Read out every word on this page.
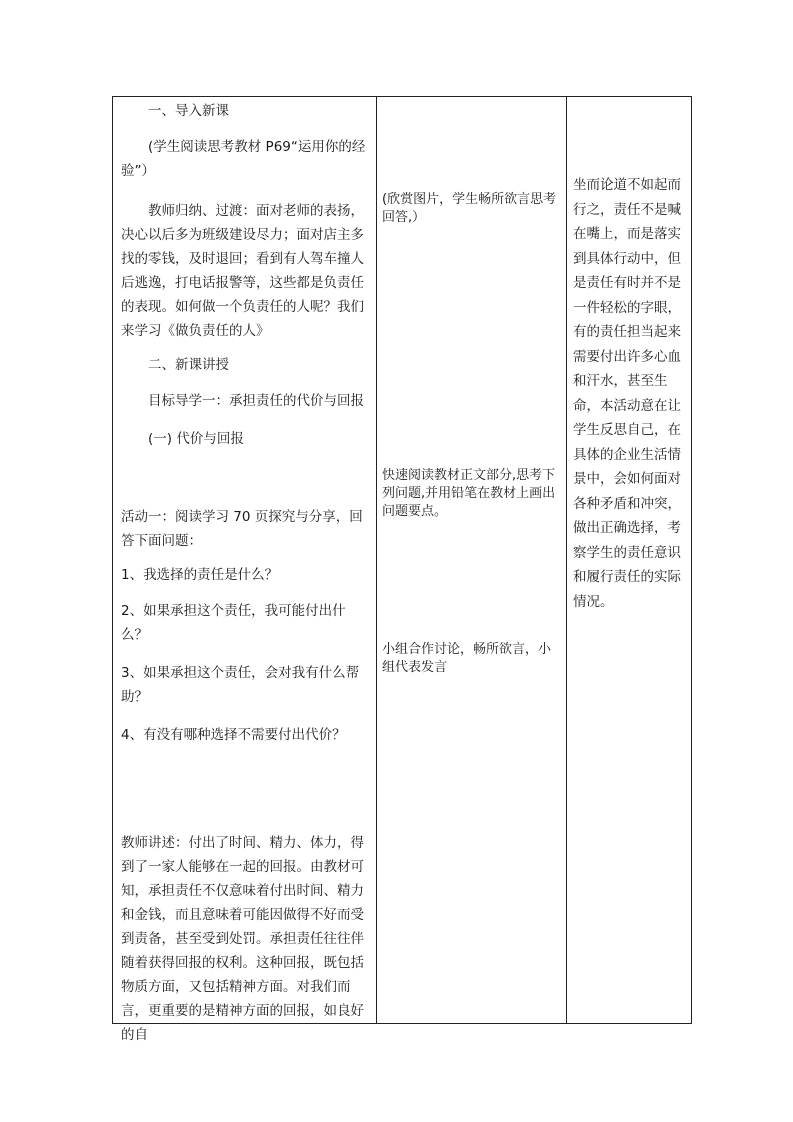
一、导入新课

(学生阅读思考教材 P69“运用你的经验”）

教师归纳、过渡：面对老师的表扬，决心以后多为班级建设尽力；面对店主多找的零钱，及时退回；看到有人驾车撞人后逃逸，打电话报警等，这些都是负责任的表现。如何做一个负责任的人呢？我们来学习《做负责任的人》

二、新课讲授

目标导学一：承担责任的代价与回报

(一) 代价与回报

活动一：阅读学习 70 页探究与分享，回答下面问题：

1、我选择的责任是什么？

2、如果承担这个责任，我可能付出什么？

3、如果承担这个责任，会对我有什么帮助？

4、有没有哪种选择不需要付出代价？

教师讲述：付出了时间、精力、体力，得到了一家人能够在一起的回报。由教材可知，承担责任不仅意味着付出时间、精力和金钱，而且意味着可能因做得不好而受到责备，甚至受到处罚。承担责任往往伴随着获得回报的权利。这种回报，既包括物质方面，又包括精神方面。对我们而言，更重要的是精神方面的回报，如良好的自

(欣赏图片，学生畅所欲言思考回答,）

快速阅读教材正文部分,思考下列问题,并用铅笔在教材上画出问题要点。

小组合作讨论，畅所欲言，小组代表发言

坐而论道不如起而行之，责任不是喊在嘴上，而是落实到具体行动中，但是责任有时并不是一件轻松的字眼，有的责任担当起来需要付出许多心血和汗水，甚至生命，本活动意在让学生反思自己，在具体的企业生活情景中，会如何面对各种矛盾和冲突，做出正确选择，考察学生的责任意识和履行责任的实际情况。
